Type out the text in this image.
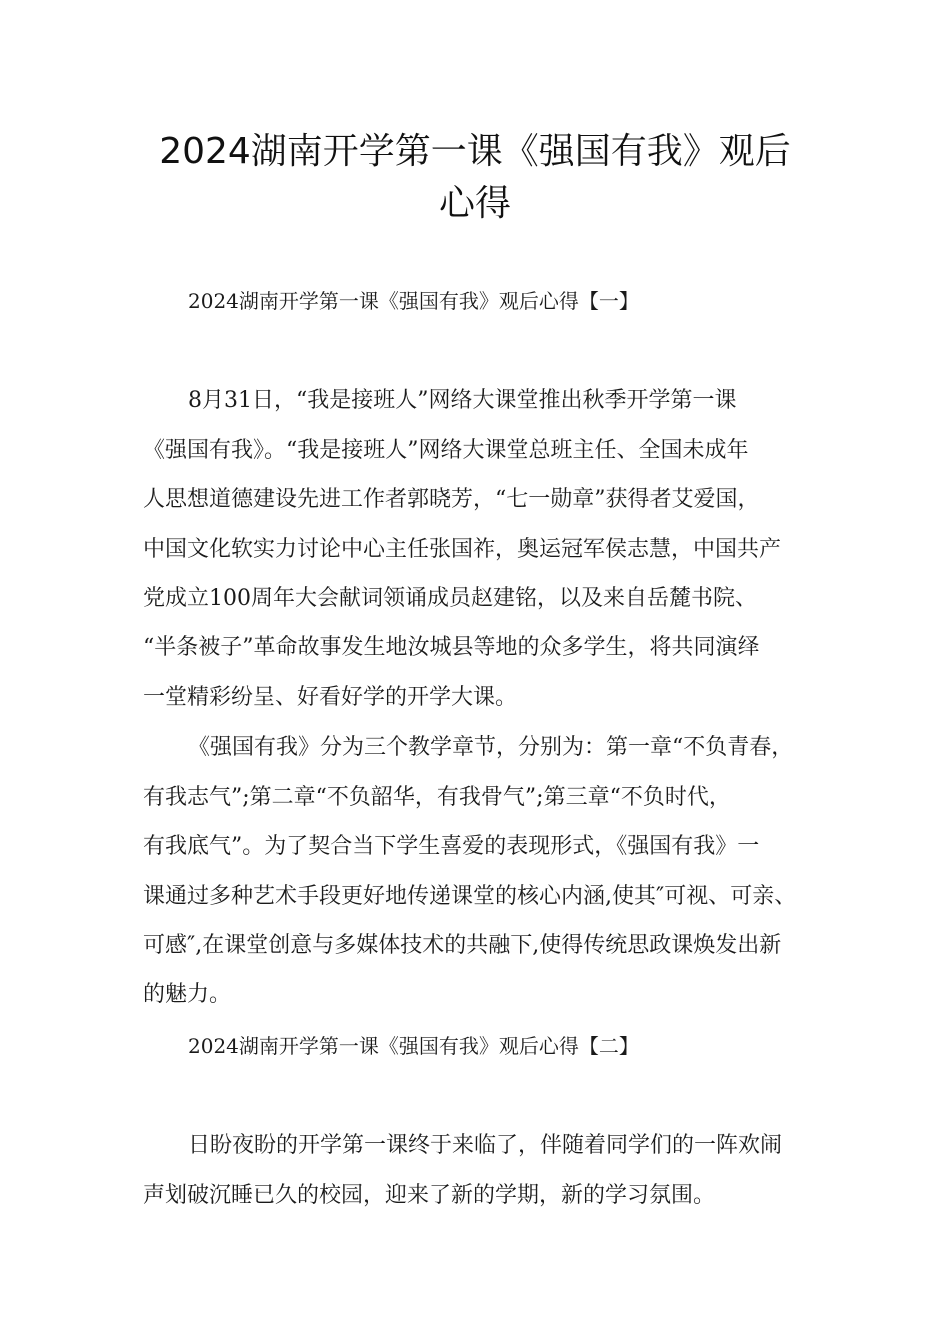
2024湖南开学第一课《强国有我》观后
心得
2024湖南开学第一课《强国有我》观后心得【一】
8月31日，“我是接班人”网络大课堂推出秋季开学第一课
《强国有我》。“我是接班人”网络大课堂总班主任、全国未成年
人思想道德建设先进工作者郭晓芳，“七一勋章”获得者艾爱国，
中国文化软实力讨论中心主任张国祚，奥运冠军侯志慧，中国共产
党成立100周年大会献词领诵成员赵建铭，以及来自岳麓书院、
“半条被子”革命故事发生地汝城县等地的众多学生，将共同演绎
一堂精彩纷呈、好看好学的开学大课。
《强国有我》分为三个教学章节，分别为：第一章“不负青春，
有我志气”;第二章“不负韶华，有我骨气”;第三章“不负时代，
有我底气”。为了契合当下学生喜爱的表现形式，《强国有我》一
课通过多种艺术手段更好地传递课堂的核心内涵,使其″可视、可亲、
可感″,在课堂创意与多媒体技术的共融下,使得传统思政课焕发出新
的魅力。
2024湖南开学第一课《强国有我》观后心得【二】
日盼夜盼的开学第一课终于来临了，伴随着同学们的一阵欢闹
声划破沉睡已久的校园，迎来了新的学期，新的学习氛围。
